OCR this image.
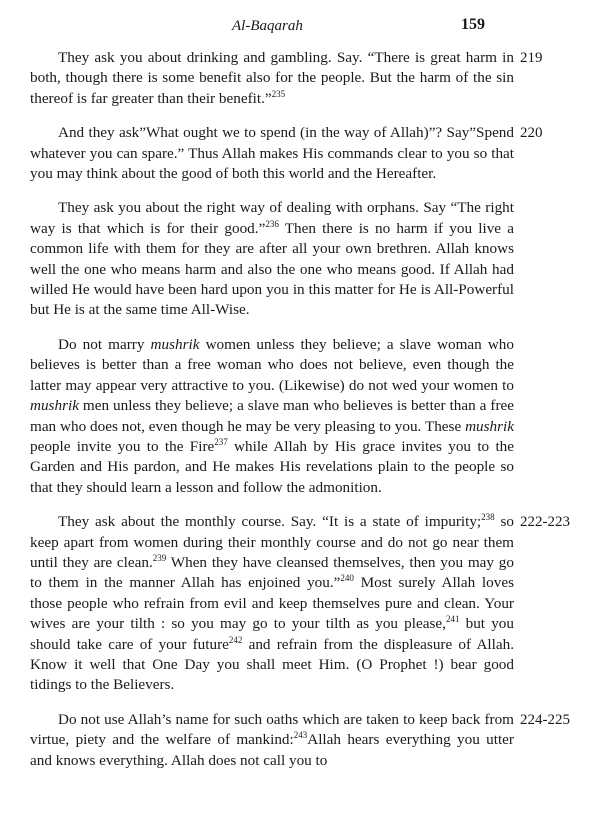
Al-Baqarah	159

They ask you about drinking and gambling. Say. “There is great harm in both, though there is some benefit also for the people. But the harm of the sin thereof is far greater than their benefit.”$^{235}$
219

And they ask”What ought we to spend (in the way of Allah)”? Say”Spend whatever you can spare.” Thus Allah makes His commands clear to you so that you may think about the good of both this world and the Hereafter.
220

They ask you about the right way of dealing with orphans. Say “The right way is that which is for their good.”$^{236}$ Then there is no harm if you live a common life with them for they are after all your own brethren. Allah knows well the one who means harm and also the one who means good. If Allah had willed He would have been hard upon you in this matter for He is All-Powerful but He is at the same time All-Wise.

Do not marry mushrik women unless they believe; a slave woman who believes is better than a free woman who does not believe, even though the latter may appear very attractive to you. (Likewise) do not wed your women to mushrik men unless they believe; a slave man who believes is better than a free man who does not, even though he may be very pleasing to you. These mushrik people invite you to the Fire$^{237}$ while Allah by His grace invites you to the Garden and His pardon, and He makes His revelations plain to the people so that they should learn a lesson and follow the admonition.

They ask about the monthly course. Say. “It is a state of impurity;$^{238}$ so keep apart from women during their monthly course and do not go near them until they are clean.$^{239}$ When they have cleansed themselves, then you may go to them in the manner Allah has enjoined you.”$^{240}$ Most surely Allah loves those people who refrain from evil and keep themselves pure and clean. Your wives are your tilth : so you may go to your tilth as you please,$^{241}$ but you should take care of your future$^{242}$ and refrain from the displeasure of Allah. Know it well that One Day you shall meet Him. (O Prophet !) bear good tidings to the Believers.
222-223

Do not use Allah’s name for such oaths which are taken to keep back from virtue, piety and the welfare of mankind:$^{243}$Allah hears everything you utter and knows everything. Allah does not call you to
224-225
